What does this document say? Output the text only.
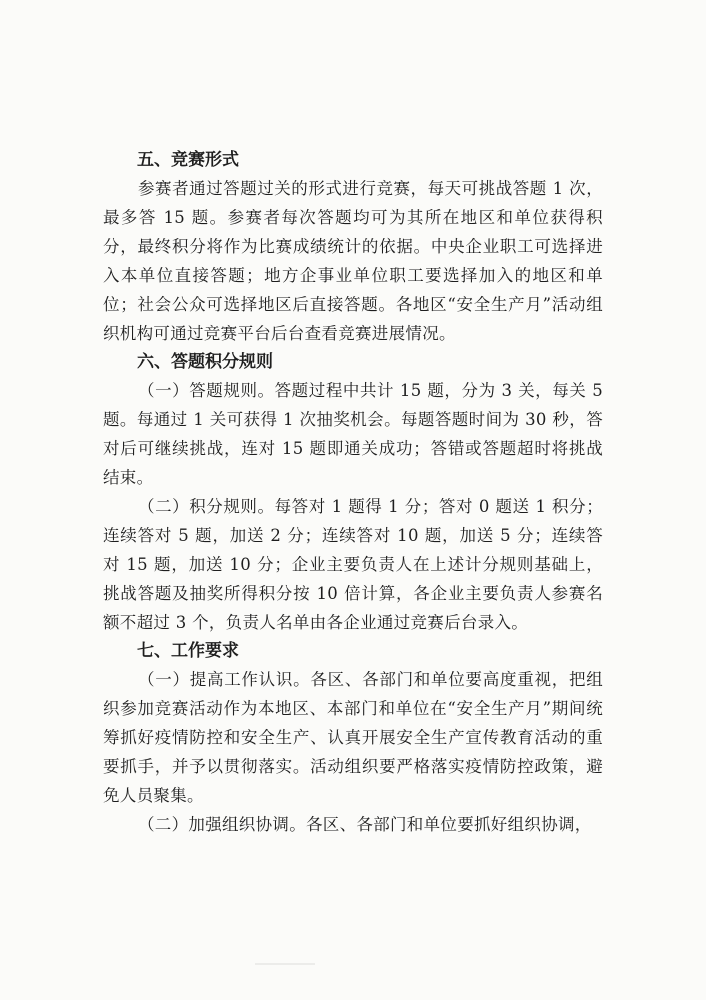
五、竞赛形式

参赛者通过答题过关的形式进行竞赛，每天可挑战答题 1 次，最多答 15 题。参赛者每次答题均可为其所在地区和单位获得积分，最终积分将作为比赛成绩统计的依据。中央企业职工可选择进入本单位直接答题；地方企事业单位职工要选择加入的地区和单位；社会公众可选择地区后直接答题。各地区“安全生产月”活动组织机构可通过竞赛平台后台查看竞赛进展情况。

六、答题积分规则

（一）答题规则。答题过程中共计 15 题，分为 3 关，每关 5 题。每通过 1 关可获得 1 次抽奖机会。每题答题时间为 30 秒，答对后可继续挑战，连对 15 题即通关成功；答错或答题超时将挑战结束。

（二）积分规则。每答对 1 题得 1 分；答对 0 题送 1 积分；连续答对 5 题，加送 2 分；连续答对 10 题，加送 5 分；连续答对 15 题，加送 10 分；企业主要负责人在上述计分规则基础上，挑战答题及抽奖所得积分按 10 倍计算，各企业主要负责人参赛名额不超过 3 个，负责人名单由各企业通过竞赛后台录入。

七、工作要求

（一）提高工作认识。各区、各部门和单位要高度重视，把组织参加竞赛活动作为本地区、本部门和单位在“安全生产月”期间统筹抓好疫情防控和安全生产、认真开展安全生产宣传教育活动的重要抓手，并予以贯彻落实。活动组织要严格落实疫情防控政策，避免人员聚集。

（二）加强组织协调。各区、各部门和单位要抓好组织协调，
